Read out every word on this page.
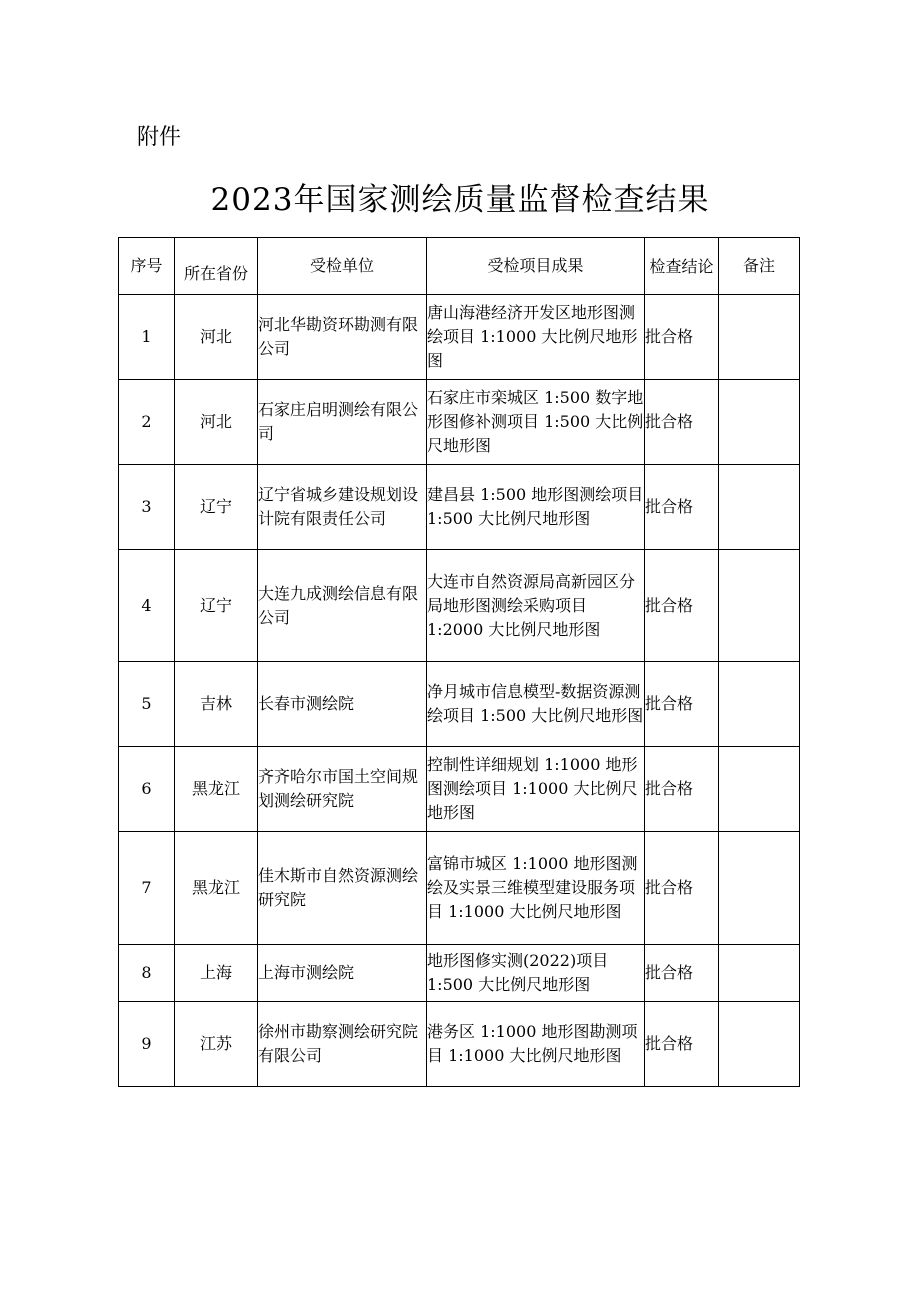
附件
2023年国家测绘质量监督检查结果
序号	所在省份	受检单位	受检项目成果	检查结论	备注

1	河北	河北华勘资环勘测有限公司	唐山海港经济开发区地形图测绘项目 1:1000 大比例尺地形图	批合格	
2	河北	石家庄启明测绘有限公司	石家庄市栾城区 1:500 数字地形图修补测项目 1:500 大比例尺地形图	批合格	
3	辽宁	辽宁省城乡建设规划设计院有限责任公司	建昌县 1:500 地形图测绘项目 1:500 大比例尺地形图	批合格	
4	辽宁	大连九成测绘信息有限公司	大连市自然资源局高新园区分局地形图测绘采购项目 1:2000 大比例尺地形图	批合格	
5	吉林	长春市测绘院	净月城市信息模型-数据资源测绘项目 1:500 大比例尺地形图	批合格	
6	黑龙江	齐齐哈尔市国土空间规划测绘研究院	控制性详细规划 1:1000 地形图测绘项目 1:1000 大比例尺地形图	批合格	
7	黑龙江	佳木斯市自然资源测绘研究院	富锦市城区 1:1000 地形图测绘及实景三维模型建设服务项目 1:1000 大比例尺地形图	批合格	
8	上海	上海市测绘院	地形图修实测(2022)项目 1:500 大比例尺地形图	批合格	
9	江苏	徐州市勘察测绘研究院有限公司	港务区 1:1000 地形图勘测项目 1:1000 大比例尺地形图	批合格	
